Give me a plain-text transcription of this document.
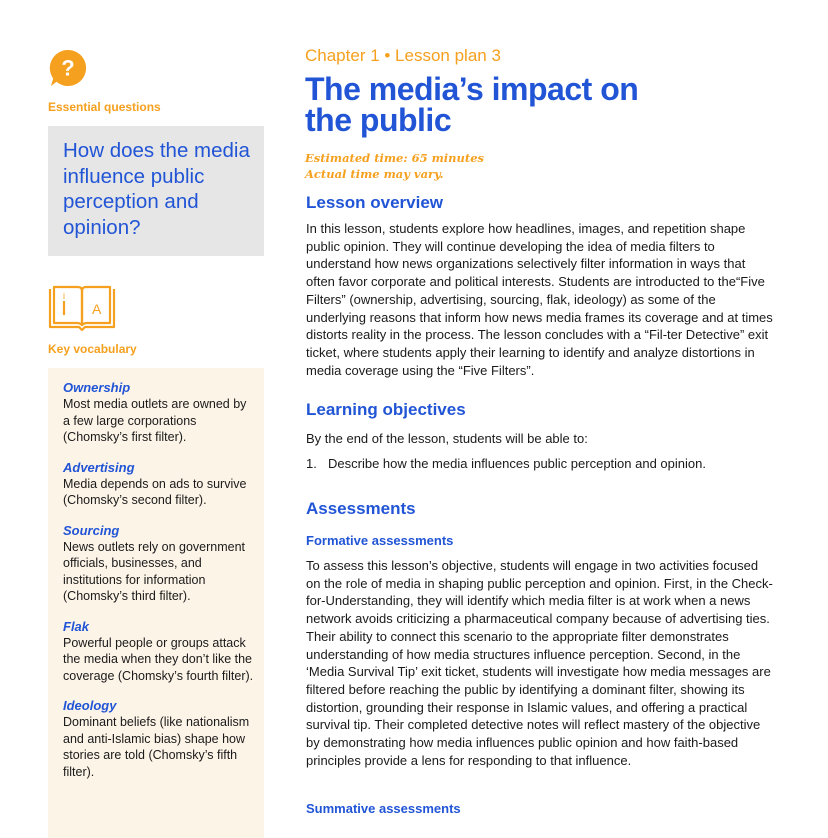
?
Essential questions
How does the media influence public perception and opinion?
i
A
Key vocabulary
Ownership
Most media outlets are owned by a few large corporations (Chomsky’s first filter).
Advertising
Media depends on ads to survive (Chomsky’s second filter).
Sourcing
News outlets rely on government officials, businesses, and institutions for information (Chomsky’s third filter).
Flak
Powerful people or groups attack the media when they don’t like the coverage (Chomsky’s fourth filter).
Ideology
Dominant beliefs (like nationalism and anti-Islamic bias) shape how stories are told (Chomsky’s fifth filter).
Chapter 1 • Lesson plan 3
The media’s impact on the public
Estimated time: 65 minutes
Actual time may vary.
Lesson overview
In this lesson, students explore how headlines, images, and repetition shape public opinion. They will continue developing the idea of media filters to understand how news organizations selectively filter information in ways that often favor corporate and political interests. Students are introducted to the“Five Filters” (ownership, advertising, sourcing, flak, ideology) as some of the underlying reasons that inform how news media frames its coverage and at times distorts reality in the process. The lesson concludes with a “Fil-ter Detective” exit ticket, where students apply their learning to identify and analyze distortions in media coverage using the “Five Filters”.
Learning objectives
By the end of the lesson, students will be able to:
1. Describe how the media influences public perception and opinion.
Assessments
Formative assessments
To assess this lesson’s objective, students will engage in two activities focused on the role of media in shaping public perception and opinion. First, in the Check-for-Understanding, they will identify which media filter is at work when a news network avoids criticizing a pharmaceutical company because of advertising ties. Their ability to connect this scenario to the appropriate filter demonstrates understanding of how media structures influence perception. Second, in the ‘Media Survival Tip’ exit ticket, students will investigate how media messages are filtered before reaching the public by identifying a dominant filter, showing its distortion, grounding their response in Islamic values, and offering a practical survival tip. Their completed detective notes will reflect mastery of the objective by demonstrating how media influences public opinion and how faith-based principles provide a lens for responding to that influence.
Summative assessments
